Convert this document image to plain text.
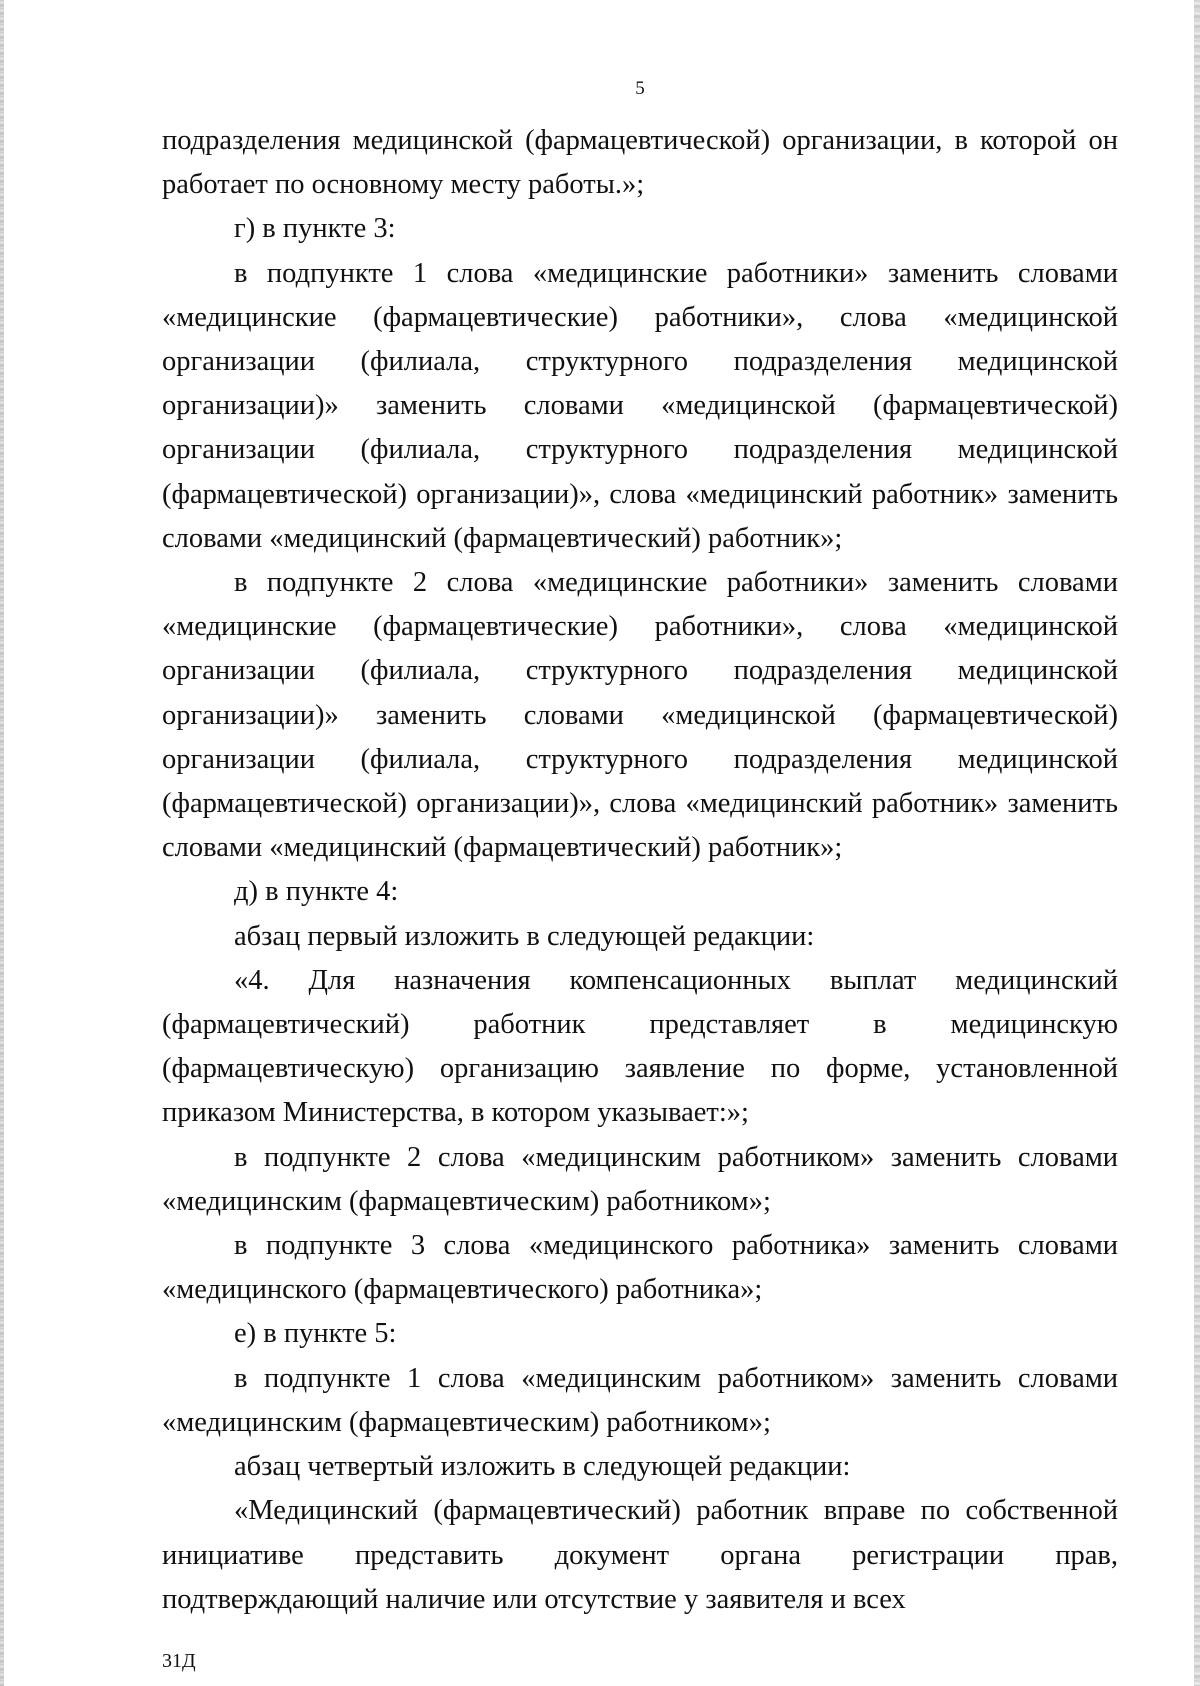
5

подразделения медицинской (фармацевтической) организации, в которой он работает по основному месту работы.»;

г) в пункте 3:

в подпункте 1 слова «медицинские работники» заменить словами «медицинские (фармацевтические) работники», слова «медицинской организации (филиала, структурного подразделения медицинской организации)» заменить словами «медицинской (фармацевтической) организации (филиала, структурного подразделения медицинской (фармацевтической) организации)», слова «медицинский работник» заменить словами «медицинский (фармацевтический) работник»;

в подпункте 2 слова «медицинские работники» заменить словами «медицинские (фармацевтические) работники», слова «медицинской организации (филиала, структурного подразделения медицинской организации)» заменить словами «медицинской (фармацевтической) организации (филиала, структурного подразделения медицинской (фармацевтической) организации)», слова «медицинский работник» заменить словами «медицинский (фармацевтический) работник»;

д) в пункте 4:

абзац первый изложить в следующей редакции:

«4. Для назначения компенсационных выплат медицинский (фармацевтический) работник представляет в медицинскую (фармацевтическую) организацию заявление по форме, установленной приказом Министерства, в котором указывает:»;

в подпункте 2 слова «медицинским работником» заменить словами «медицинским (фармацевтическим) работником»;

в подпункте 3 слова «медицинского работника» заменить словами «медицинского (фармацевтического) работника»;

е) в пункте 5:

в подпункте 1 слова «медицинским работником» заменить словами «медицинским (фармацевтическим) работником»;

абзац четвертый изложить в следующей редакции:

«Медицинский (фармацевтический) работник вправе по собственной инициативе представить документ органа регистрации прав, подтверждающий наличие или отсутствие у заявителя и всех

31Д
